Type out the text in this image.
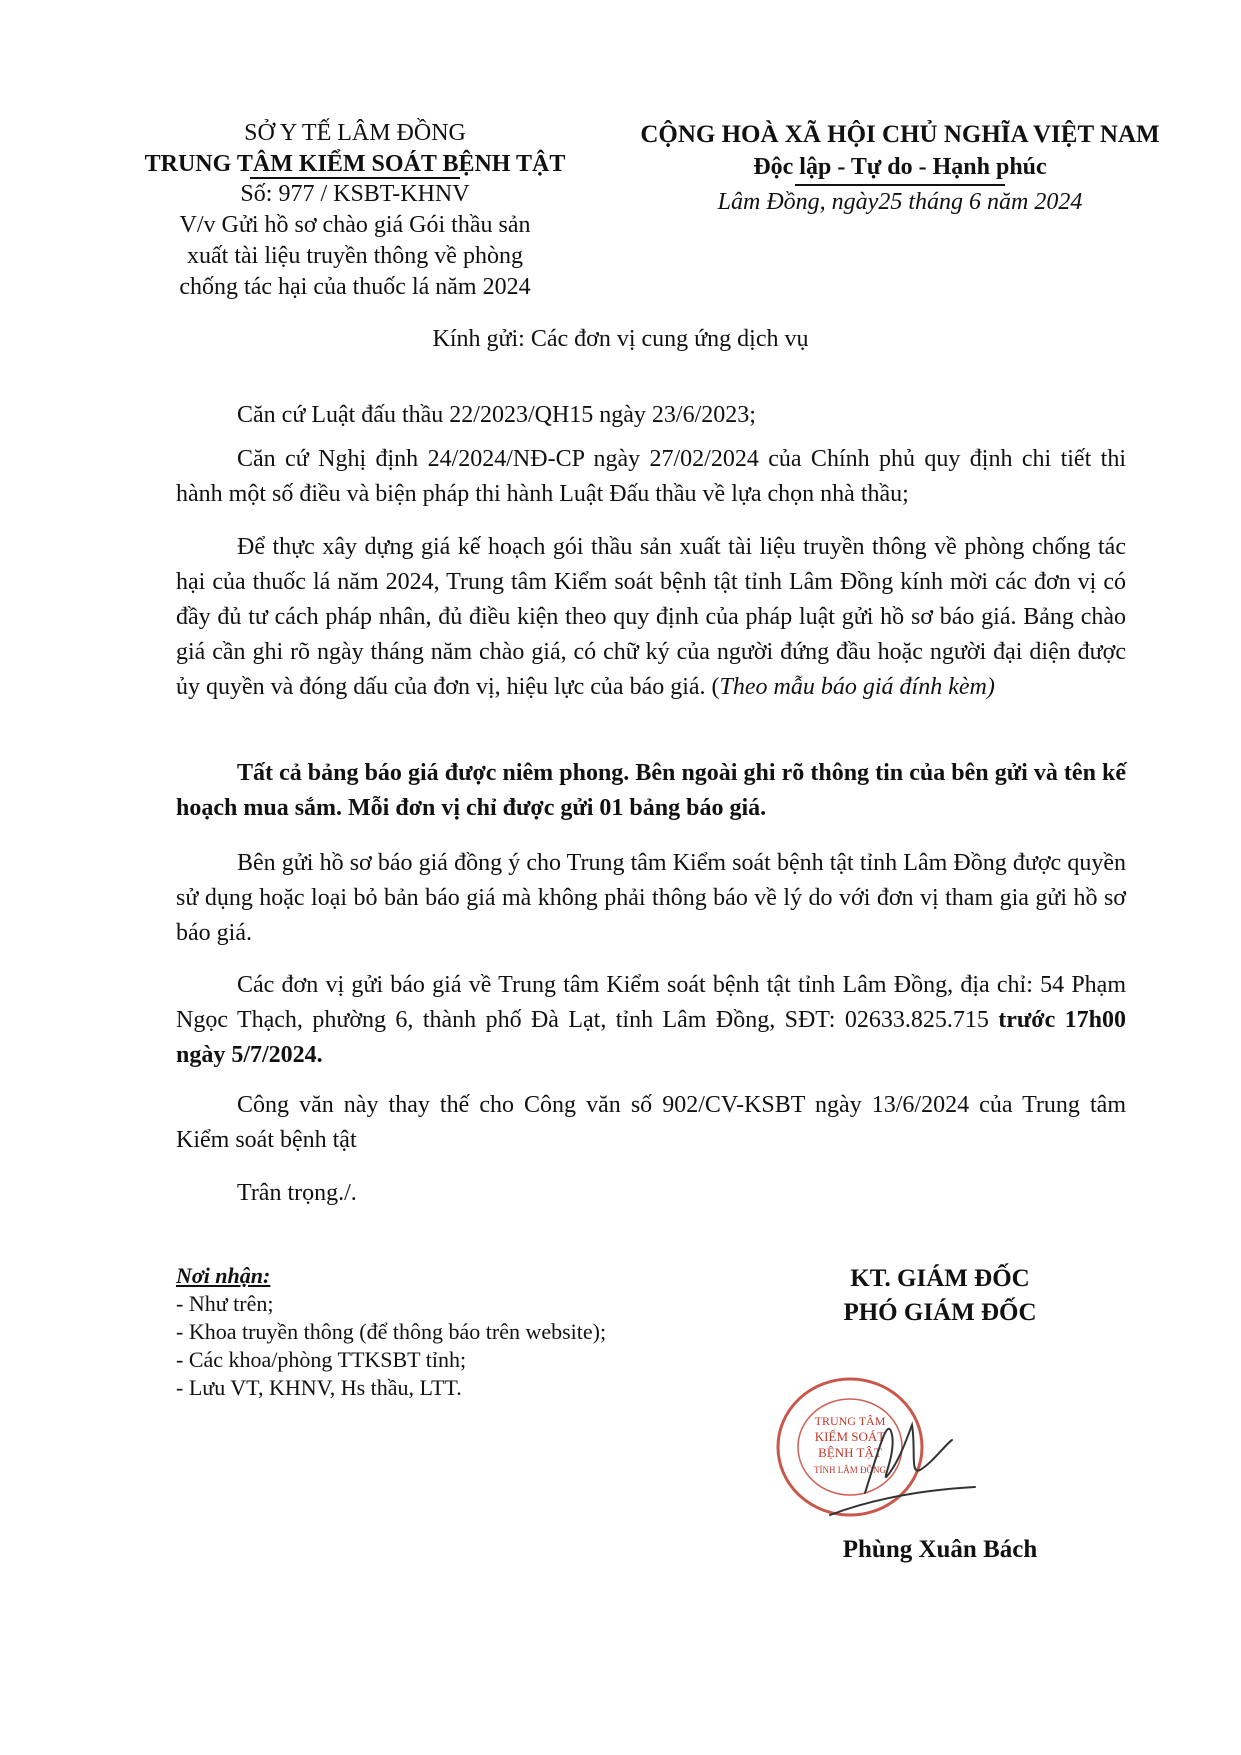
SỞ Y TẾ LÂM ĐỒNG
TRUNG TÂM KIỂM SOÁT BỆNH TẬT
Số: 977 / KSBT-KHNV
V/v Gửi hồ sơ chào giá Gói thầu sản
xuất tài liệu truyền thông về phòng
chống tác hại của thuốc lá năm 2024
CỘNG HOÀ XÃ HỘI CHỦ NGHĨA VIỆT NAM
Độc lập - Tự do - Hạnh phúc
Lâm Đồng, ngày25 tháng 6 năm 2024
Kính gửi: Các đơn vị cung ứng dịch vụ
Căn cứ Luật đấu thầu 22/2023/QH15 ngày 23/6/2023;
Căn cứ Nghị định 24/2024/NĐ-CP ngày 27/02/2024 của Chính phủ quy định chi tiết thi hành một số điều và biện pháp thi hành Luật Đấu thầu về lựa chọn nhà thầu;
Để thực xây dựng giá kế hoạch gói thầu sản xuất tài liệu truyền thông về phòng chống tác hại của thuốc lá năm 2024, Trung tâm Kiểm soát bệnh tật tỉnh Lâm Đồng kính mời các đơn vị có đầy đủ tư cách pháp nhân, đủ điều kiện theo quy định của pháp luật gửi hồ sơ báo giá. Bảng chào giá cần ghi rõ ngày tháng năm chào giá, có chữ ký của người đứng đầu hoặc người đại diện được ủy quyền và đóng dấu của đơn vị, hiệu lực của báo giá. (Theo mẫu báo giá đính kèm)
Tất cả bảng báo giá được niêm phong. Bên ngoài ghi rõ thông tin của bên gửi và tên kế hoạch mua sắm. Mỗi đơn vị chỉ được gửi 01 bảng báo giá.
Bên gửi hồ sơ báo giá đồng ý cho Trung tâm Kiểm soát bệnh tật tỉnh Lâm Đồng được quyền sử dụng hoặc loại bỏ bản báo giá mà không phải thông báo về lý do với đơn vị tham gia gửi hồ sơ báo giá.
Các đơn vị gửi báo giá về Trung tâm Kiểm soát bệnh tật tỉnh Lâm Đồng, địa chỉ: 54 Phạm Ngọc Thạch, phường 6, thành phố Đà Lạt, tỉnh Lâm Đồng, SĐT: 02633.825.715 trước 17h00 ngày 5/7/2024.
Công văn này thay thế cho Công văn số 902/CV-KSBT ngày 13/6/2024 của Trung tâm Kiểm soát bệnh tật
Trân trọng./.
Nơi nhận:
- Như trên;
- Khoa truyền thông (để thông báo trên website);
- Các khoa/phòng TTKSBT tỉnh;
- Lưu VT, KHNV, Hs thầu, LTT.
KT. GIÁM ĐỐC
PHÓ GIÁM ĐỐC
TRUNG TÂM
KIỂM SOÁT
BỆNH TẬT
TỈNH LÂM ĐỒNG
Phùng Xuân Bách
